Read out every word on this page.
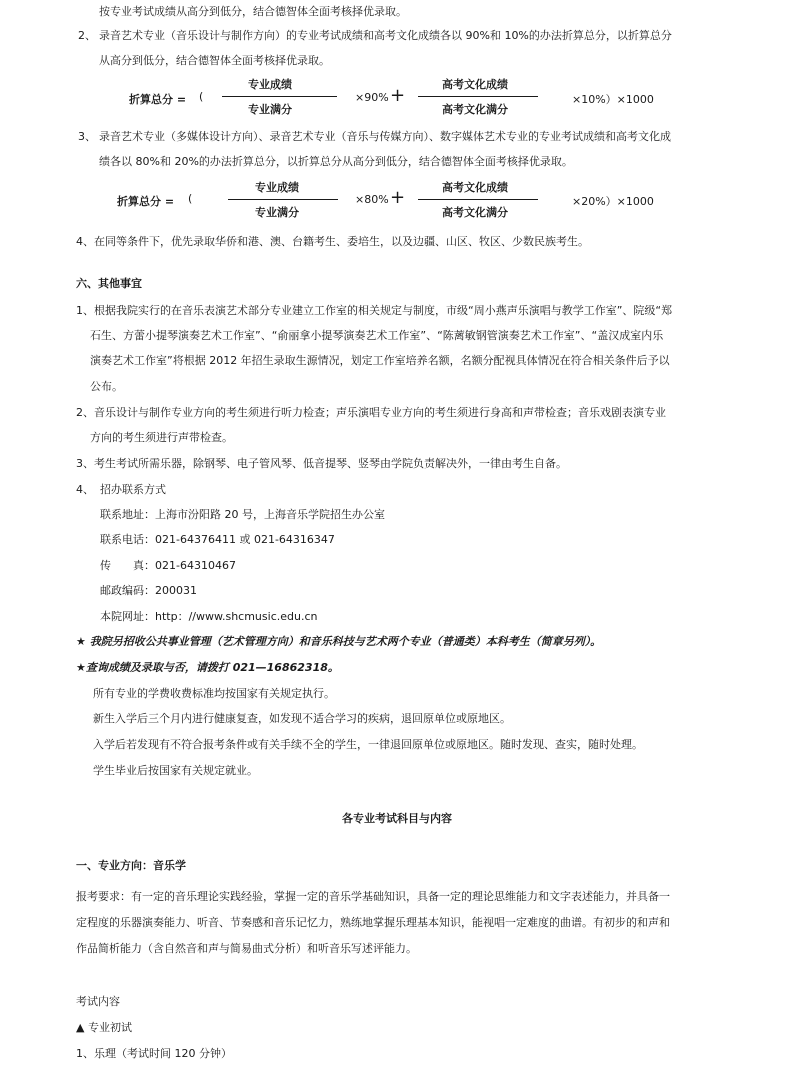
按专业考试成绩从高分到低分，结合德智体全面考核择优录取。
2、 录音艺术专业（音乐设计与制作方向）的专业考试成绩和高考文化成绩各以 90%和 10%的办法折算总分，以折算总分
从高分到低分，结合德智体全面考核择优录取。
折算总分 = (
专业成绩
专业满分
×90% +
高考文化成绩
高考文化满分
×10%）×1000
3、 录音艺术专业（多媒体设计方向）、录音艺术专业（音乐与传媒方向）、数字媒体艺术专业的专业考试成绩和高考文化成
绩各以 80%和 20%的办法折算总分，以折算总分从高分到低分，结合德智体全面考核择优录取。
折算总分 = (
专业成绩
专业满分
×80% +	高考文化成绩
高考文化满分
×20%）×1000
4、在同等条件下，优先录取华侨和港、澳、台籍考生、委培生，以及边疆、山区、牧区、少数民族考生。
六、其他事宜
1、根据我院实行的在音乐表演艺术部分专业建立工作室的相关规定与制度，市级“周小燕声乐演唱与教学工作室”、院级“郑
石生、方蕾小提琴演奏艺术工作室”、“俞丽拿小提琴演奏艺术工作室”、“陈蓠敏钢管演奏艺术工作室”、“盖汉成室内乐
演奏艺术工作室”将根据 2012 年招生录取生源情况，划定工作室培养名额，名额分配视具体情况在符合相关条件后予以
公布。
2、音乐设计与制作专业方向的考生须进行听力检查；声乐演唱专业方向的考生须进行身高和声带检查；音乐戏剧表演专业
方向的考生须进行声带检查。
3、考生考试所需乐器，除钢琴、电子管风琴、低音提琴、竖琴由学院负责解决外，一律由考生自备。
4、 招办联系方式
联系地址：上海市汾阳路 20 号，上海音乐学院招生办公室
联系电话：021-64376411 或 021-64316347
传　　真：021-64310467
邮政编码：200031
本院网址：http：//www.shcmusic.edu.cn
★ 我院另招收公共事业管理（艺术管理方向）和音乐科技与艺术两个专业（普通类）本科考生（简章另列）。
★查询成绩及录取与否，请拨打 021—16862318。
所有专业的学费收费标准均按国家有关规定执行。
新生入学后三个月内进行健康复查，如发现不适合学习的疾病，退回原单位或原地区。
入学后若发现有不符合报考条件或有关手续不全的学生，一律退回原单位或原地区。随时发现、查实，随时处理。
学生毕业后按国家有关规定就业。
各专业考试科目与内容
一、专业方向：音乐学
报考要求：有一定的音乐理论实践经验，掌握一定的音乐学基础知识，具备一定的理论思维能力和文字表述能力，并具备一
定程度的乐器演奏能力、听音、节奏感和音乐记忆力，熟练地掌握乐理基本知识，能视唱一定难度的曲谱。有初步的和声和
作品简析能力（含自然音和声与简易曲式分析）和听音乐写述评能力。
考试内容
▲ 专业初试
1、乐理（考试时间 120 分钟）
